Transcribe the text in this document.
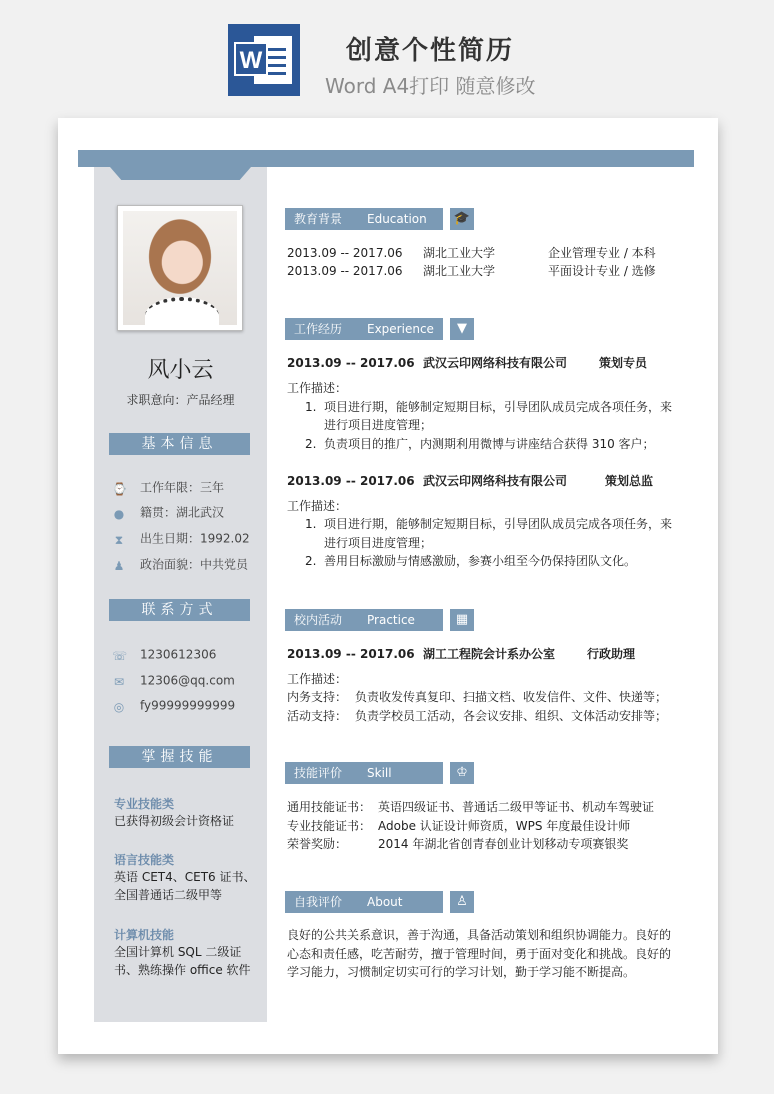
W	创意个性简历
Word A4打印 随意修改
风小云
求职意向：产品经理
基本信息
⌚ 工作年限：三年
● 籍贯：湖北武汉
⧗ 出生日期：1992.02
♟ 政治面貌：中共党员
联系方式
☏ 1230612306
✉ 12306@qq.com
◎ fy99999999999
掌握技能
专业技能类
已获得初级会计资格证
语言技能类
英语 CET4、CET6 证书、全国普通话二级甲等
计算机技能
全国计算机 SQL 二级证书、熟练操作 office 软件
教育背景 Education	🎓
2013.09 -- 2017.06 湖北工业大学	企业管理专业 / 本科
2013.09 -- 2017.06 湖北工业大学	平面设计专业 / 选修
工作经历 Experience	▼
2013.09 -- 2017.06 武汉云印网络科技有限公司	策划专员
工作描述：
1. 项目进行期，能够制定短期目标，引导团队成员完成各项任务，来
进行项目进度管理；
2. 负责项目的推广，内测期利用微博与讲座结合获得 310 客户；
2013.09 -- 2017.06 武汉云印网络科技有限公司	策划总监
工作描述：
1. 项目进行期，能够制定短期目标，引导团队成员完成各项任务，来
进行项目进度管理；
2. 善用目标激励与情感激励，参赛小组至今仍保持团队文化。
校内活动 Practice	▦
2013.09 -- 2017.06 湖工工程院会计系办公室	行政助理
工作描述：
内务支持： 负责收发传真复印、扫描文档、收发信件、文件、快递等；
活动支持： 负责学校员工活动，各会议安排、组织、文体活动安排等；
技能评价 Skill	♔
通用技能证书： 英语四级证书、普通话二级甲等证书、机动车驾驶证
专业技能证书： Adobe 认证设计师资质，WPS 年度最佳设计师
荣誉奖励：	2014 年湖北省创青春创业计划移动专项赛银奖
自我评价 About	♙
良好的公共关系意识，善于沟通，具备活动策划和组织协调能力。良好的
心态和责任感，吃苦耐劳，擅于管理时间，勇于面对变化和挑战。良好的
学习能力，习惯制定切实可行的学习计划，勤于学习能不断提高。
